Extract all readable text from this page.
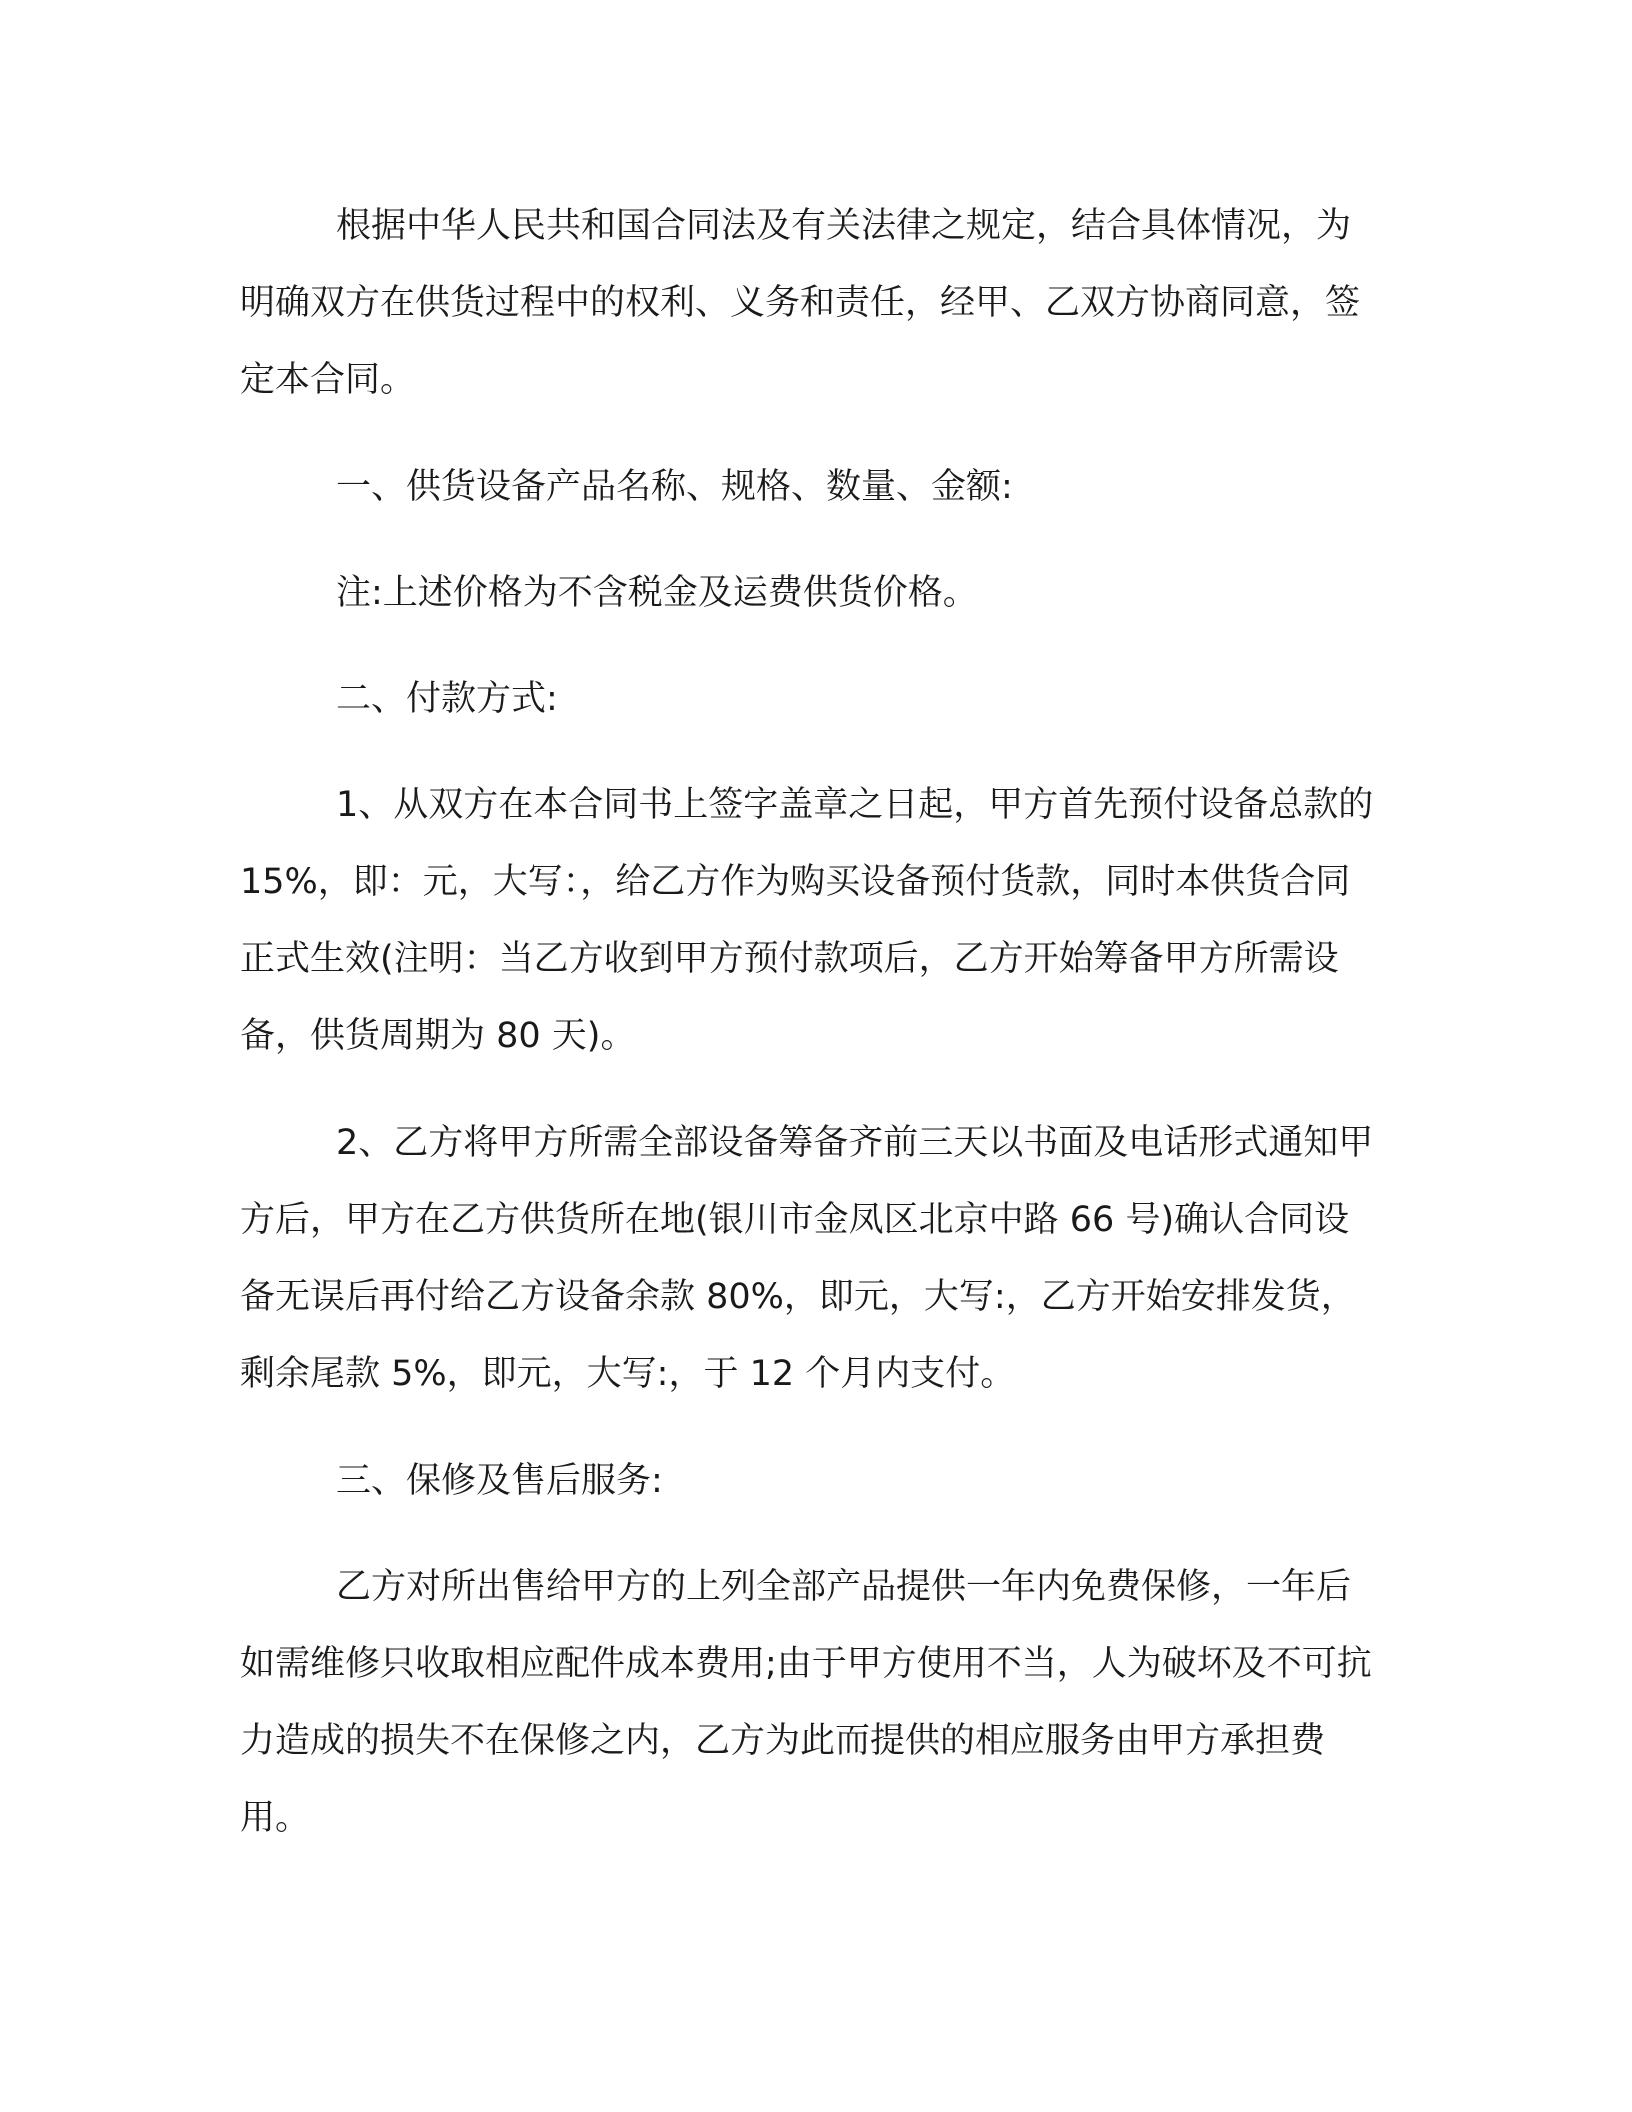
根据中华人民共和国合同法及有关法律之规定，结合具体情况，为明确双方在供货过程中的权利、义务和责任，经甲、乙双方协商同意，签定本合同。

一、供货设备产品名称、规格、数量、金额:

注:上述价格为不含税金及运费供货价格。

二、付款方式:

1、从双方在本合同书上签字盖章之日起，甲方首先预付设备总款的 15%，即：元，大写：，给乙方作为购买设备预付货款，同时本供货合同正式生效(注明：当乙方收到甲方预付款项后，乙方开始筹备甲方所需设备，供货周期为 80 天)。

2、乙方将甲方所需全部设备筹备齐前三天以书面及电话形式通知甲方后，甲方在乙方供货所在地(银川市金凤区北京中路 66 号)确认合同设备无误后再付给乙方设备余款 80%，即元，大写:，乙方开始安排发货，剩余尾款 5%，即元，大写:，于 12 个月内支付。

三、保修及售后服务:

乙方对所出售给甲方的上列全部产品提供一年内免费保修，一年后如需维修只收取相应配件成本费用;由于甲方使用不当，人为破坏及不可抗力造成的损失不在保修之内，乙方为此而提供的相应服务由甲方承担费用。
